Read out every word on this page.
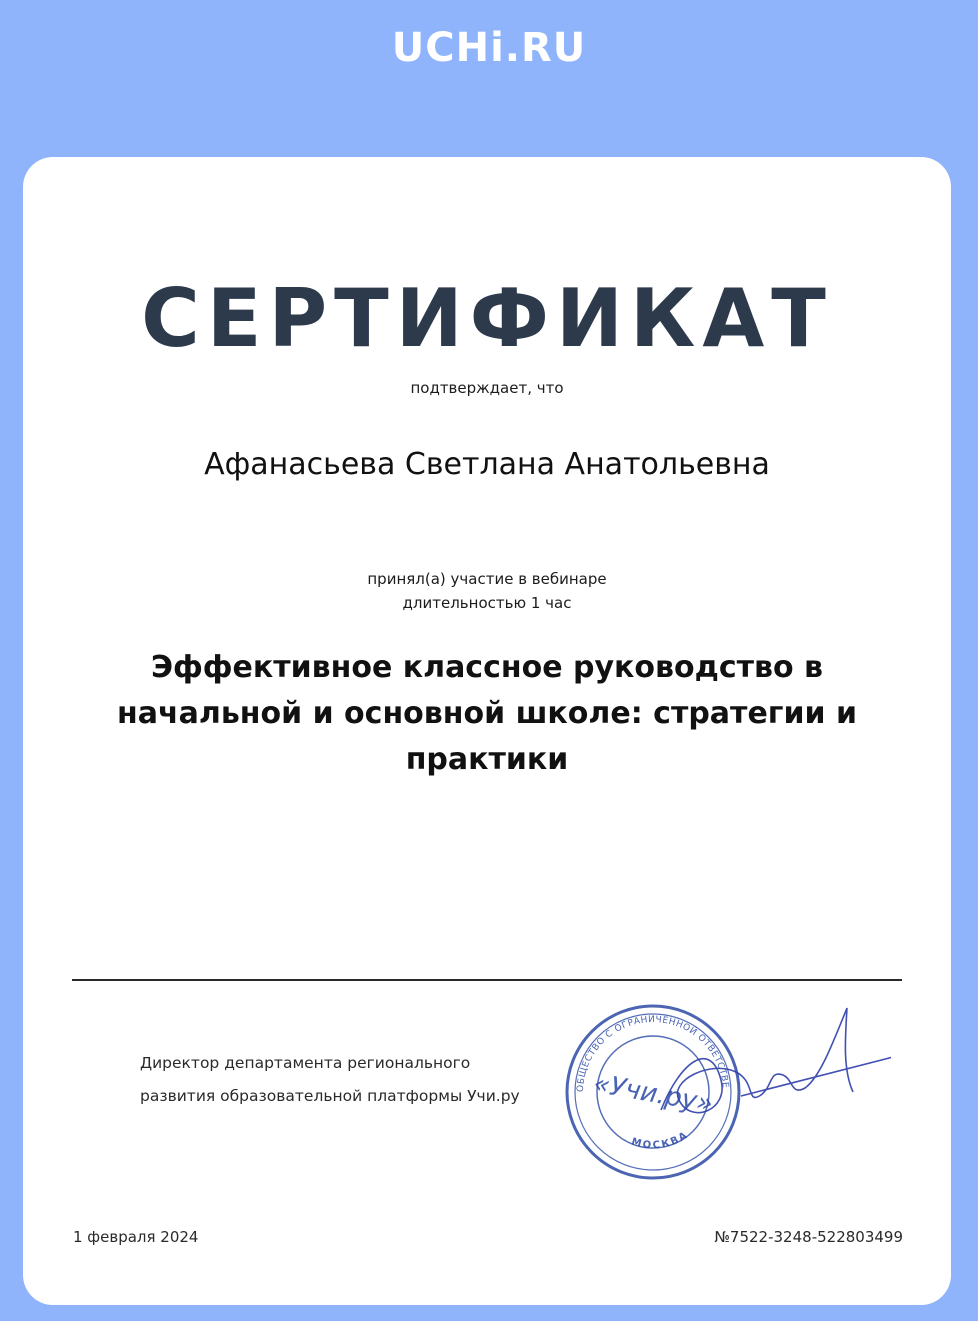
UCHi.RU
СЕРТИФИКАТ
подтверждает, что
Афанасьева Светлана Анатольевна
принял(а) участие в вебинаре
длительностью 1 час
Эффективное классное руководство в начальной и основной школе: стратегии и практики
Директор департамента регионального
развития образовательной платформы Учи.ру	ОБЩЕСТВО С ОГРАНИЧЕННОЙ ОТВЕТСТВЕ
МОСКВА
«Учи.ру»
1 февраля 2024	№7522-3248-522803499
